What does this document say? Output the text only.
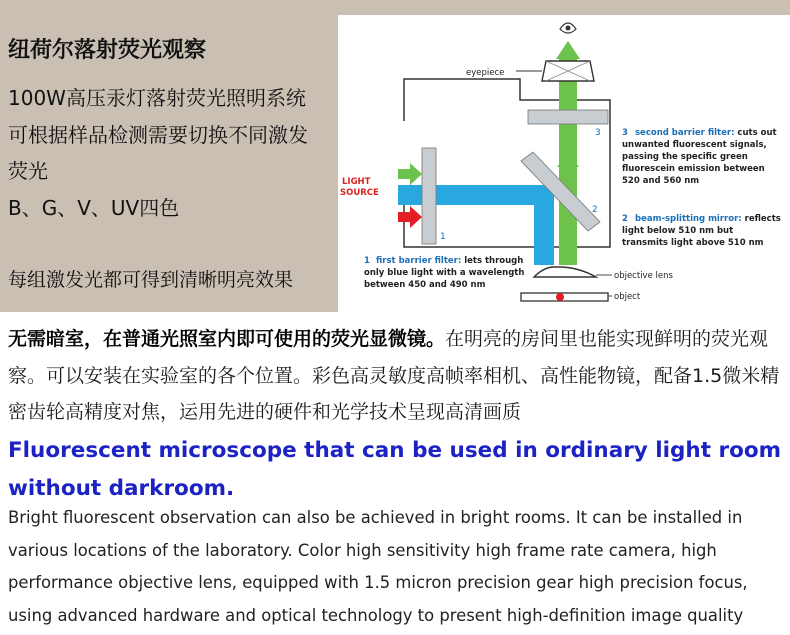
纽荷尔落射荧光观察

100W高压汞灯落射荧光照明系统

可根据样品检测需要切换不同激发

荧光

B、G、V、UV四色

每组激发光都可得到清晰明亮效果

eyepiece
LIGHT
SOURCE
objective lens
object
1
2
3	3 second barrier filter: cuts out
unwanted fluorescent signals,
passing the specific green
fluorescein emission between
520 and 560 nm
2 beam-splitting mirror: reflects
light below 510 nm but
transmits light above 510 nm
1 first barrier filter: lets through
only blue light with a wavelength
between 450 and 490 nm

无需暗室，在普通光照室内即可使用的荧光显微镜。在明亮的房间里也能实现鲜明的荧光观察。可以安装在实验室的各个位置。彩色高灵敏度高帧率相机、高性能物镜，配备1.5微米精密齿轮高精度对焦，运用先进的硬件和光学技术呈现高清画质

Fluorescent microscope that can be used in ordinary light room without darkroom.

Bright fluorescent observation can also be achieved in bright rooms. It can be installed in various locations of the laboratory. Color high sensitivity high frame rate camera, high performance objective lens, equipped with 1.5 micron precision gear high precision focus, using advanced hardware and optical technology to present high-definition image quality
